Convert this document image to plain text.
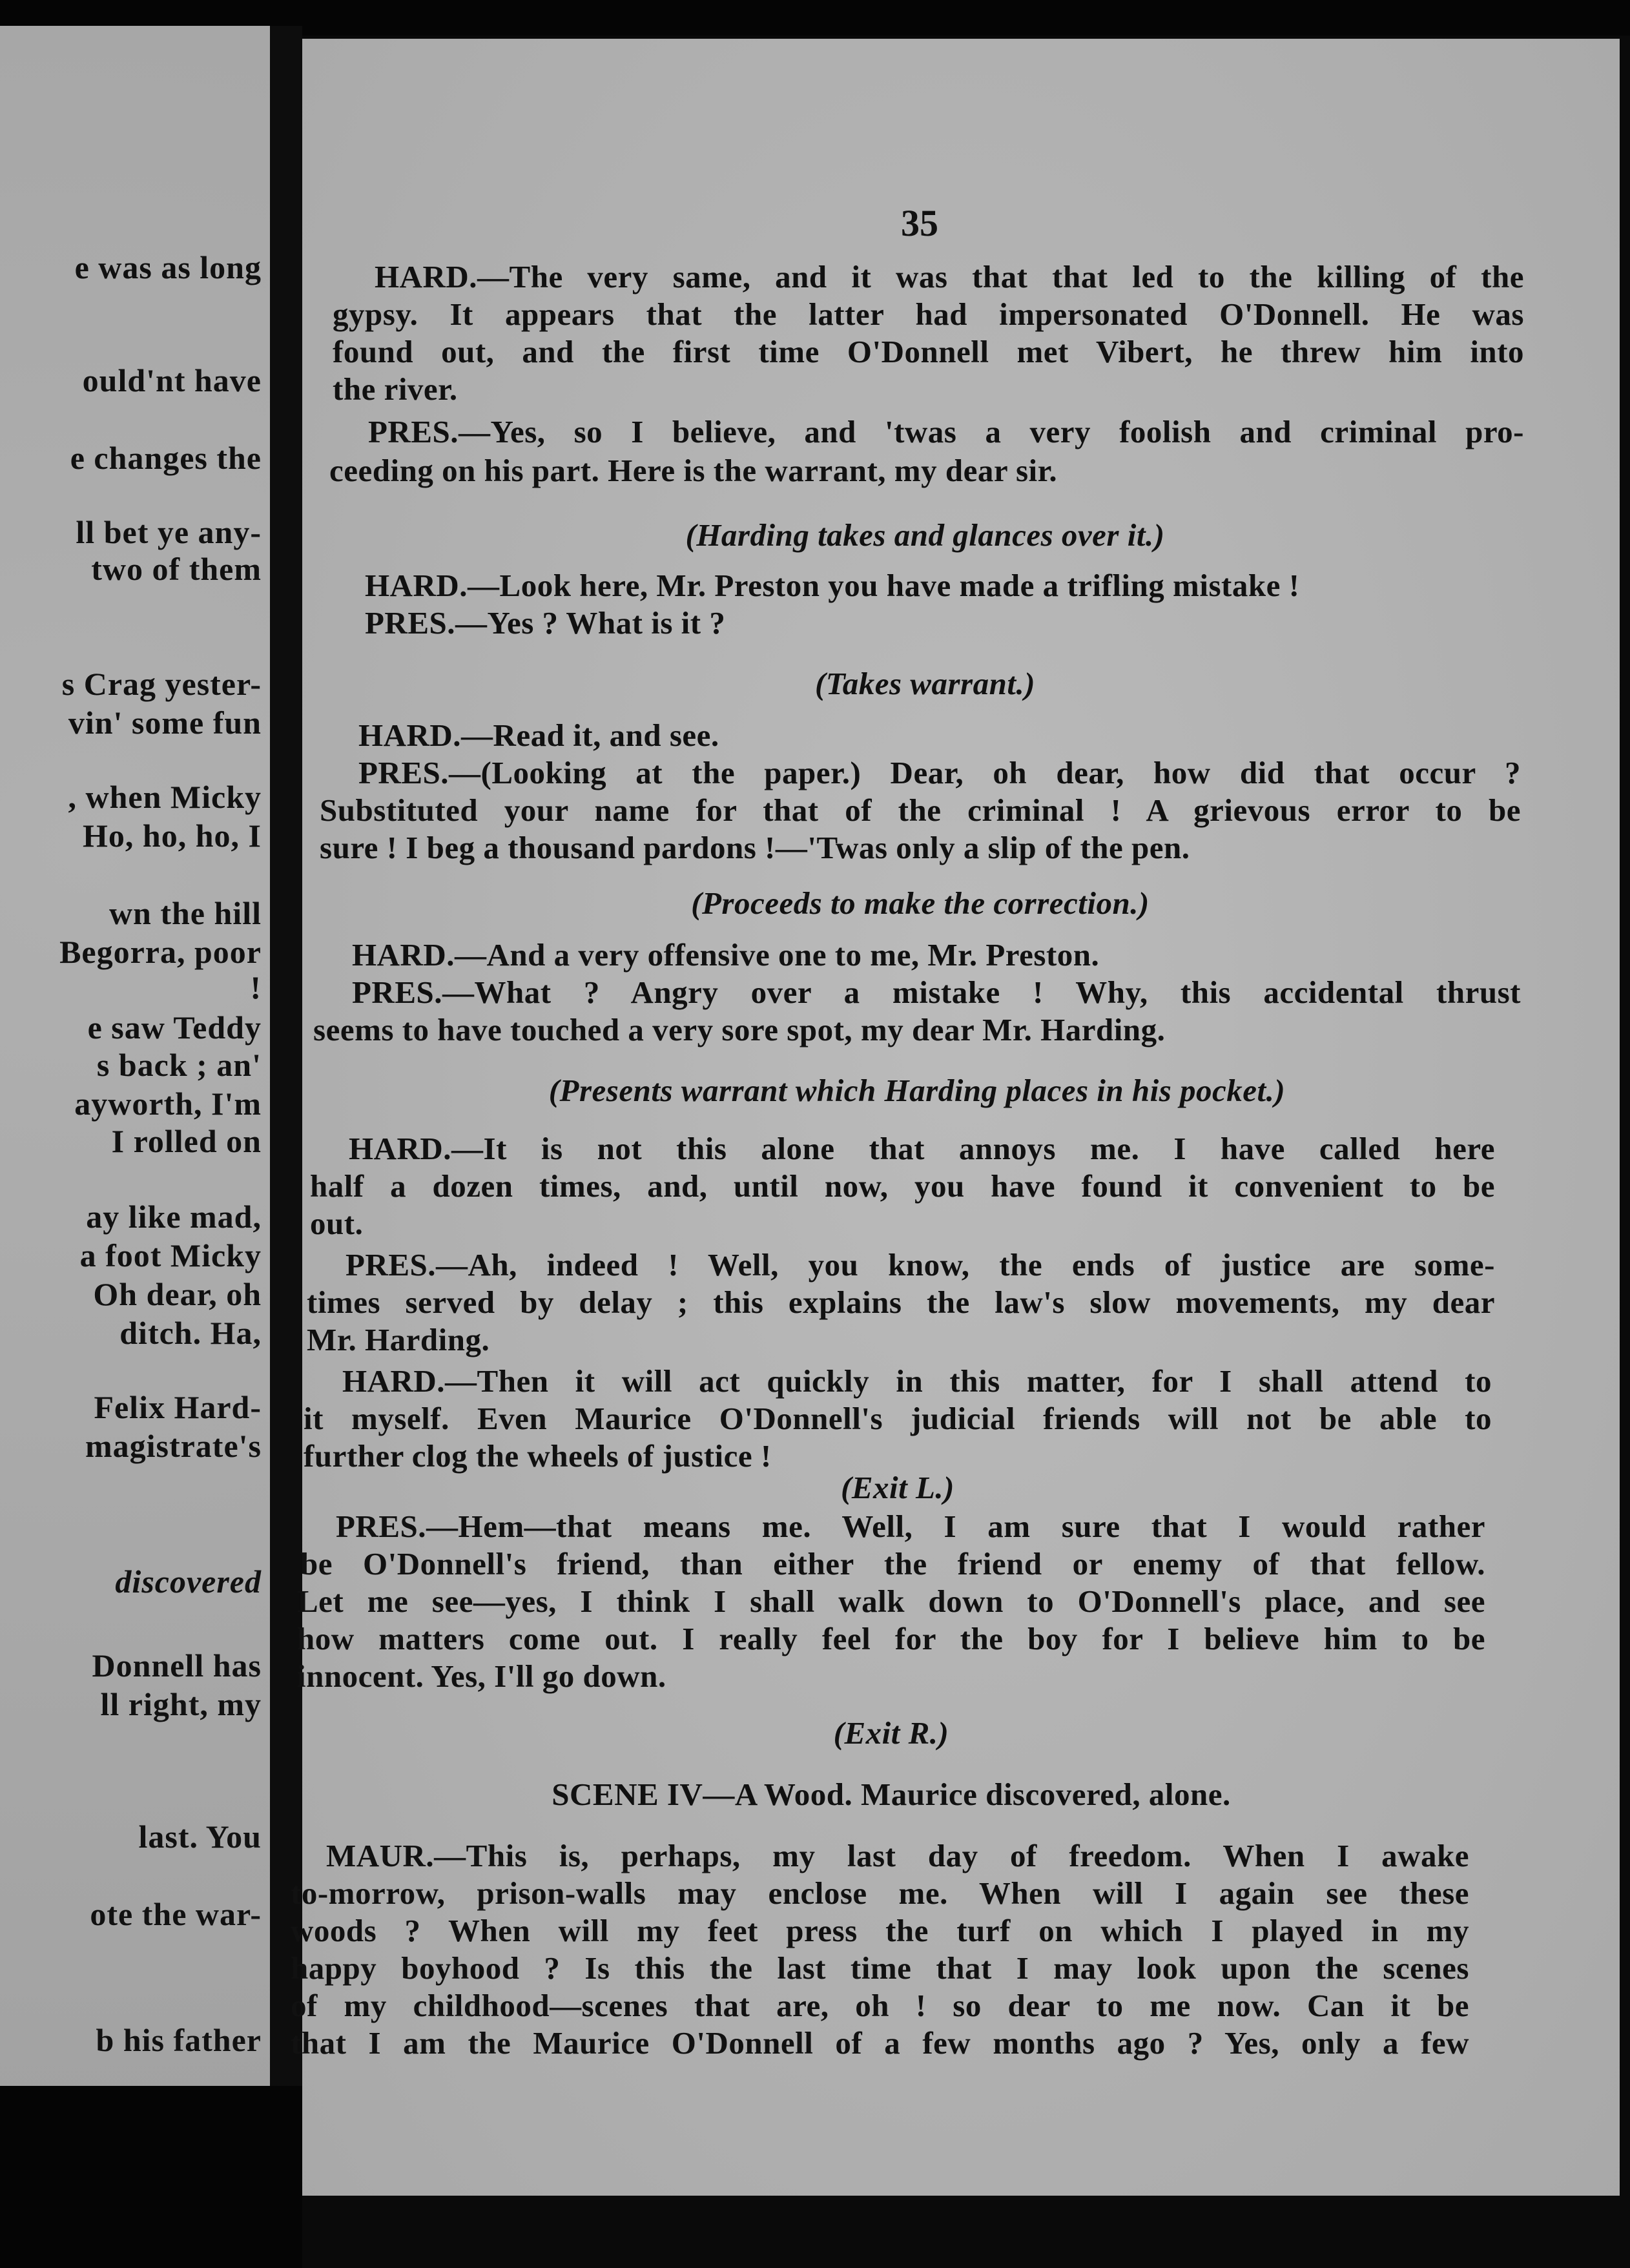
e was as long
ould'nt have
e changes the
ll bet ye any-
two of them
s Crag yester-
vin' some fun
, when Micky
Ho, ho, ho, I
wn the hill
Begorra, poor
!
e saw Teddy
s back ; an'
ayworth, I'm
I rolled on
ay like mad,
a foot Micky
Oh dear, oh
ditch. Ha,
Felix Hard-
magistrate's
discovered
Donnell has
ll right, my
last. You
ote the war-
b his father
35
HARD.—The very same, and it was that that led to the killing of the
gypsy. It appears that the latter had impersonated O'Donnell. He was
found out, and the first time O'Donnell met Vibert, he threw him into
the river.
PRES.—Yes, so I believe, and 'twas a very foolish and criminal pro-
ceeding on his part. Here is the warrant, my dear sir.
(Harding takes and glances over it.)
HARD.—Look here, Mr. Preston you have made a trifling mistake !
PRES.—Yes ? What is it ?
(Takes warrant.)
HARD.—Read it, and see.
PRES.—(Looking at the paper.) Dear, oh dear, how did that occur ?
Substituted your name for that of the criminal ! A grievous error to be
sure ! I beg a thousand pardons !—'Twas only a slip of the pen.
(Proceeds to make the correction.)
HARD.—And a very offensive one to me, Mr. Preston.
PRES.—What ? Angry over a mistake ! Why, this accidental thrust
seems to have touched a very sore spot, my dear Mr. Harding.
(Presents warrant which Harding places in his pocket.)
HARD.—It is not this alone that annoys me. I have called here
half a dozen times, and, until now, you have found it convenient to be
out.
PRES.—Ah, indeed ! Well, you know, the ends of justice are some-
times served by delay ; this explains the law's slow movements, my dear
Mr. Harding.
HARD.—Then it will act quickly in this matter, for I shall attend to
it myself. Even Maurice O'Donnell's judicial friends will not be able to
further clog the wheels of justice !
(Exit L.)
PRES.—Hem—that means me. Well, I am sure that I would rather
be O'Donnell's friend, than either the friend or enemy of that fellow.
Let me see—yes, I think I shall walk down to O'Donnell's place, and see
how matters come out. I really feel for the boy for I believe him to be
innocent. Yes, I'll go down.
(Exit R.)
SCENE IV—A Wood. Maurice discovered, alone.
MAUR.—This is, perhaps, my last day of freedom. When I awake
to-morrow, prison-walls may enclose me. When will I again see these
woods ? When will my feet press the turf on which I played in my
happy boyhood ? Is this the last time that I may look upon the scenes
of my childhood—scenes that are, oh ! so dear to me now. Can it be
that I am the Maurice O'Donnell of a few months ago ? Yes, only a few
